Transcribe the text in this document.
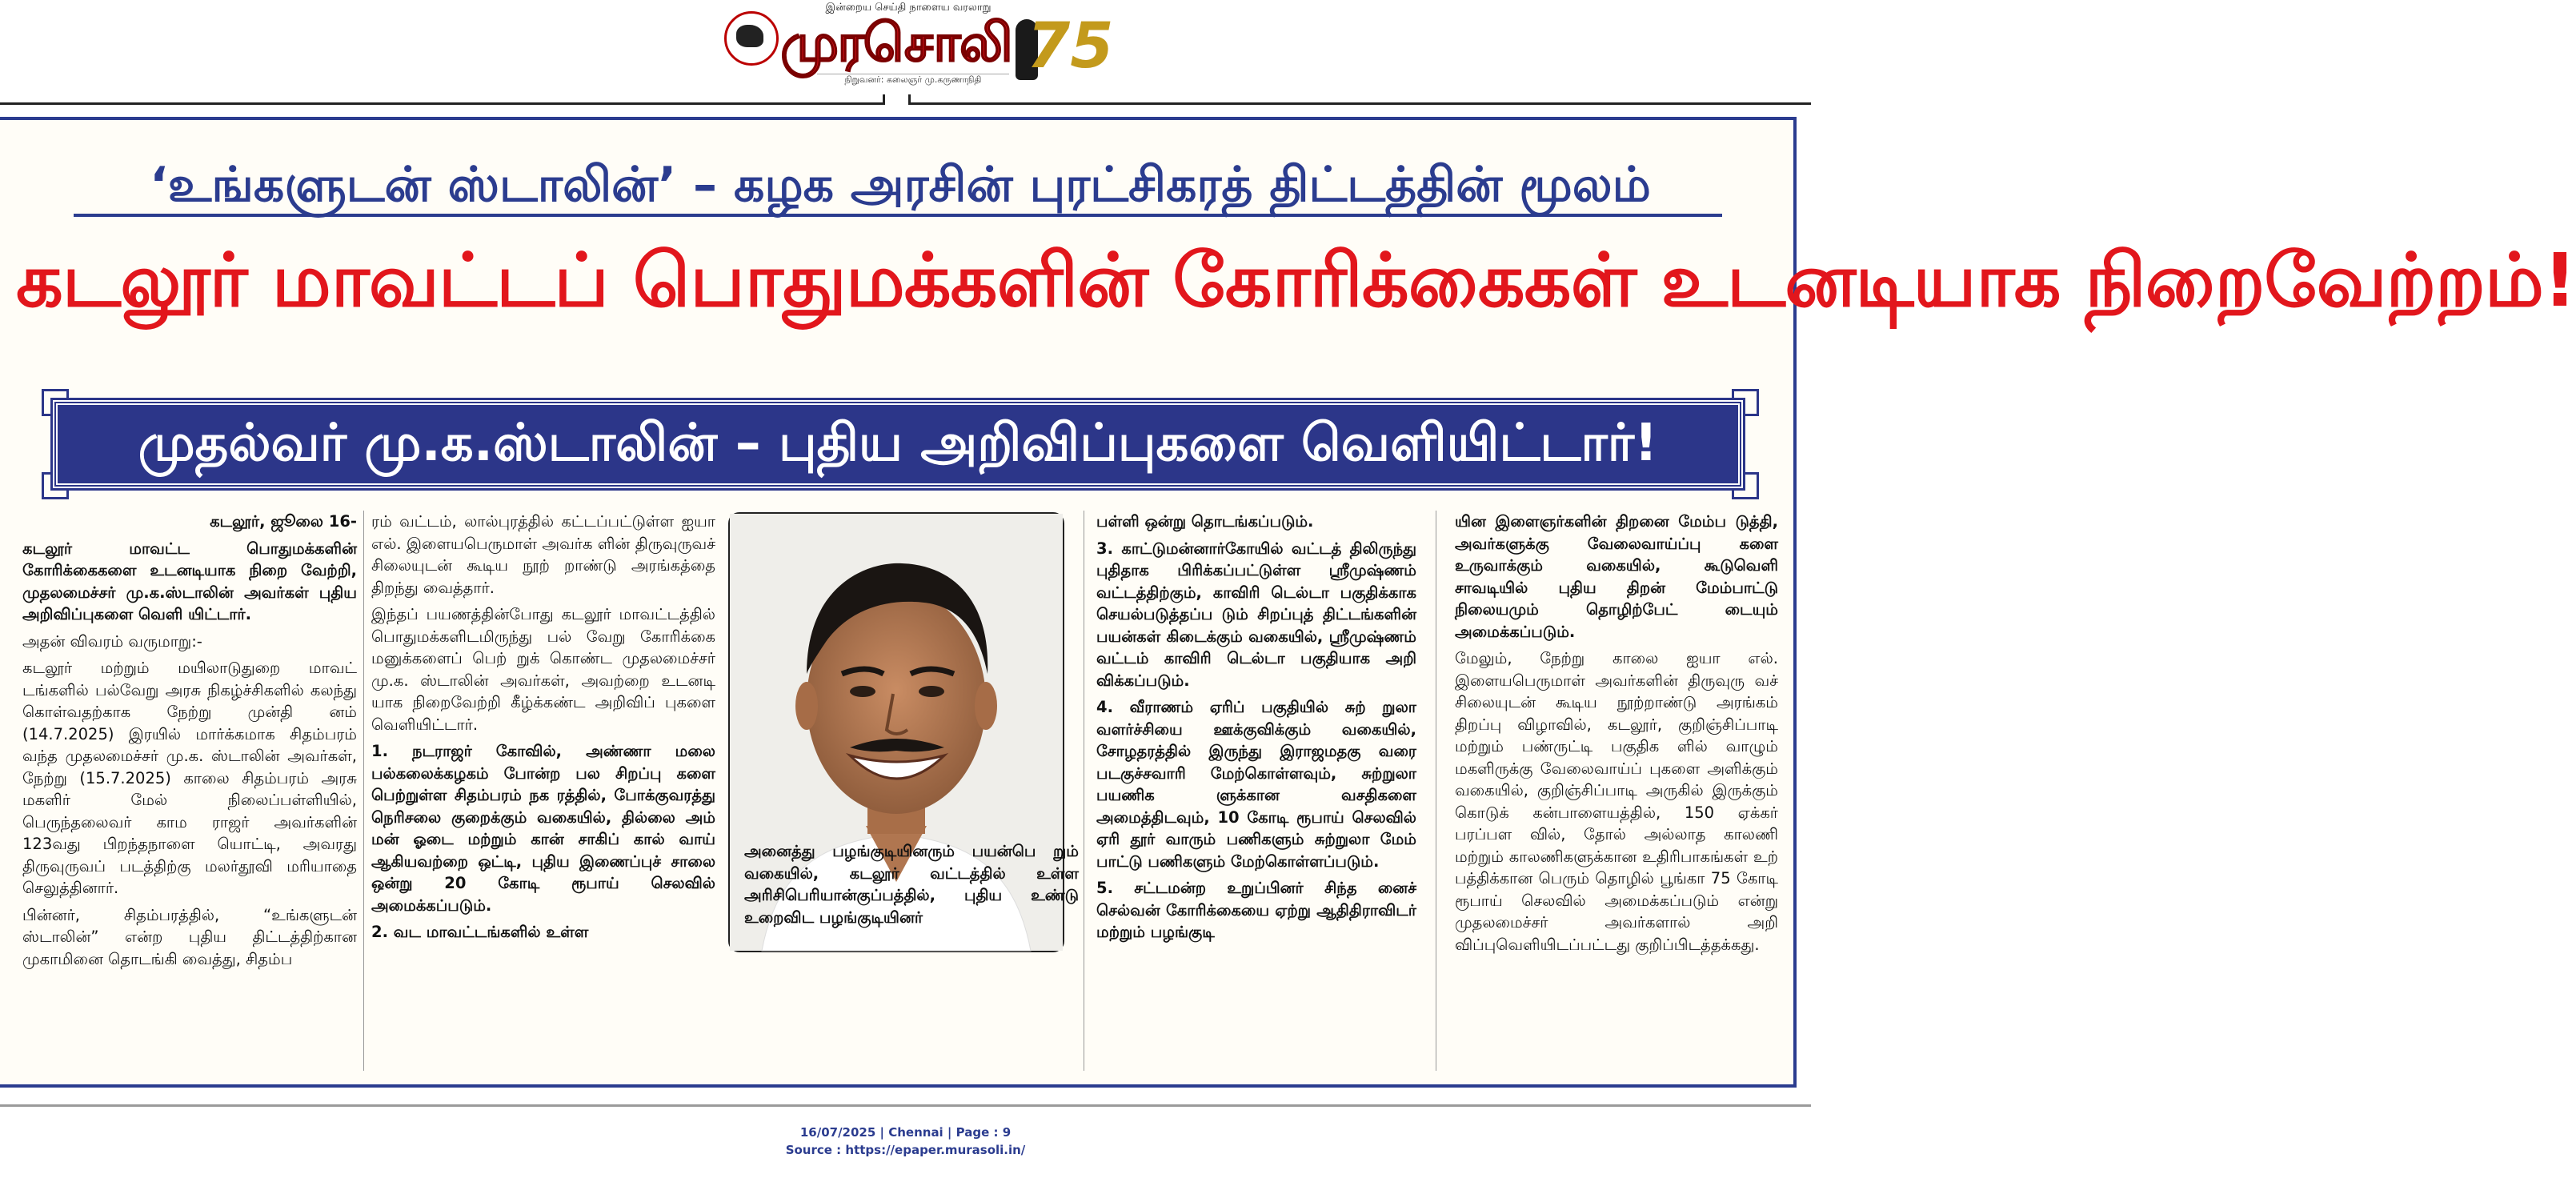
இன்றைய செய்தி நாளைய வரலாறு
முரசொலி
நிறுவனர்: கலைஞர் மு.கருணாநிதி 75
‘உங்களுடன் ஸ்டாலின்’ – கழக அரசின் புரட்சிகரத் திட்டத்தின் மூலம்
கடலூர் மாவட்டப் பொதுமக்களின் கோரிக்கைகள் உடனடியாக நிறைவேற்றம்!
முதல்வர் மு.க.ஸ்டாலின் – புதிய அறிவிப்புகளை வெளியிட்டார்!

கடலூர், ஜூலை 16-

கடலூர் மாவட்ட பொதுமக்களின் கோரிக்கைகளை உடனடியாக நிறை வேற்றி, முதலமைச்சர் மு.க.ஸ்டாலின் அவர்கள் புதிய அறிவிப்புகளை வெளி யிட்டார்.

அதன் விவரம் வருமாறு:-

கடலூர் மற்றும் மயிலாடுதுறை மாவட் டங்களில் பல்வேறு அரசு நிகழ்ச்சிகளில் கலந்து கொள்வதற்காக நேற்று முன்தி னம் (14.7.2025) இரயில் மார்க்கமாக சிதம்பரம் வந்த முதலமைச்சர் மு.க. ஸ்டாலின் அவர்கள், நேற்று (15.7.2025) காலை சிதம்பரம் அரசு மகளிர் மேல் நிலைப்பள்ளியில், பெருந்தலைவர் காம ராஜர் அவர்களின் 123வது பிறந்தநாளை யொட்டி, அவரது திருவுருவப் படத்திற்கு மலர்தூவி மரியாதை செலுத்தினார்.

பின்னர், சிதம்பரத்தில், “உங்களுடன் ஸ்டாலின்” என்ற புதிய திட்டத்திற்கான முகாமினை தொடங்கி வைத்து, சிதம்ப

ரம் வட்டம், லால்புரத்தில் கட்டப்பட்டுள்ள ஐயா எல். இளையபெருமாள் அவர்க ளின் திருவுருவச் சிலையுடன் கூடிய நூற் றாண்டு அரங்கத்தை திறந்து வைத்தார்.

இந்தப் பயணத்தின்போது கடலூர் மாவட்டத்தில் பொதுமக்களிடமிருந்து பல் வேறு கோரிக்கை மனுக்களைப் பெற் றுக் கொண்ட முதலமைச்சர் மு.க. ஸ்டாலின் அவர்கள், அவற்றை உடனடி யாக நிறைவேற்றி கீழ்க்கண்ட அறிவிப் புகளை வெளியிட்டார்.

1. நடராஜர் கோவில், அண்ணா மலை பல்கலைக்கழகம் போன்ற பல சிறப்பு களை பெற்றுள்ள சிதம்பரம் நக ரத்தில், போக்குவரத்து நெரிசலை குறைக்கும் வகையில், தில்லை அம் மன் ஓடை மற்றும் கான் சாகிப் கால் வாய் ஆகியவற்றை ஒட்டி, புதிய இணைப்புச் சாலை ஒன்று 20 கோடி ரூபாய் செலவில் அமைக்கப்படும்.

2. வட மாவட்டங்களில் உள்ள

அனைத்து பழங்குடியினரும் பயன்பெ றும் வகையில், கடலூர் வட்டத்தில் உள்ள அரிசிபெரியான்குப்பத்தில், புதிய உண்டு உறைவிட பழங்குடியினர்

பள்ளி ஒன்று தொடங்கப்படும்.

3. காட்டுமன்னார்கோயில் வட்டத் திலிருந்து புதிதாக பிரிக்கப்பட்டுள்ள ஸ்ரீமுஷ்ணம் வட்டத்திற்கும், காவிரி டெல்டா பகுதிக்காக செயல்படுத்தப்ப டும் சிறப்புத் திட்டங்களின் பயன்கள் கிடைக்கும் வகையில், ஸ்ரீமுஷ்ணம் வட்டம் காவிரி டெல்டா பகுதியாக அறி விக்கப்படும்.

4. வீராணம் ஏரிப் பகுதியில் சுற் றுலா வளர்ச்சியை ஊக்குவிக்கும் வகையில், சோழதரத்தில் இருந்து இராஜமதகு வரை படகுச்சவாரி மேற்கொள்ளவும், சுற்றுலா பயணிக ளுக்கான வசதிகளை அமைத்திடவும், 10 கோடி ரூபாய் செலவில் ஏரி தூர் வாரும் பணிகளும் சுற்றுலா மேம் பாட்டு பணிகளும் மேற்கொள்ளப்படும்.

5. சட்டமன்ற உறுப்பினர் சிந்த னைச் செல்வன் கோரிக்கையை ஏற்று ஆதிதிராவிடர் மற்றும் பழங்குடி

யின இளைஞர்களின் திறனை மேம்ப டுத்தி, அவர்களுக்கு வேலைவாய்ப்பு களை உருவாக்கும் வகையில், கூடுவெளி சாவடியில் புதிய திறன் மேம்பாட்டு நிலையமும் தொழிற்பேட் டையும் அமைக்கப்படும்.

மேலும், நேற்று காலை ஐயா எல். இளையபெருமாள் அவர்களின் திருவுரு வச் சிலையுடன் கூடிய நூற்றாண்டு அரங்கம் திறப்பு விழாவில், கடலூர், குறிஞ்சிப்பாடி மற்றும் பண்ருட்டி பகுதிக ளில் வாழும் மகளிருக்கு வேலைவாய்ப் புகளை அளிக்கும் வகையில், குறிஞ்சிப்பாடி அருகில் இருக்கும் கொடுக் கன்பாளையத்தில், 150 ஏக்கர் பரப்பள வில், தோல் அல்லாத காலணி மற்றும் காலணிகளுக்கான உதிரிபாகங்கள் உற் பத்திக்கான பெரும் தொழில் பூங்கா 75 கோடி ரூபாய் செலவில் அமைக்கப்படும் என்று முதலமைச்சர் அவர்களால் அறி விப்புவெளியிடப்பட்டது குறிப்பிடத்தக்கது.

16/07/2025 | Chennai | Page : 9
Source : https://epaper.murasoli.in/
